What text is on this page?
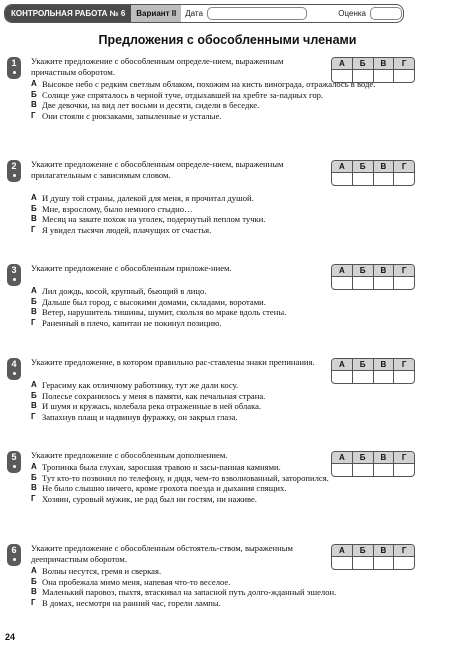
КОНТРОЛЬНАЯ РАБОТА № 6	Вариант II	Дата	Оценка
Предложения с обособленными членами
1	Укажите предложение с обособленным определе-нием, выраженным причастным оборотом.
А	Б	В	Г
А Высокое небо с редким светлым облаком, похожим на кисть винограда, отражалось в воде.
Б Солнце уже спряталось в черной туче, отдыхавшей на хребте за-падных гор.
В Две девочки, на вид лет восьми и десяти, сидели в беседке.
Г Они стояли с рюкзаками, запыленные и усталые.
2	Укажите предложение с обособленным определе-нием, выраженным прилагательным с зависимым словом.
А	Б	В	Г
А И душу той страны, далекой для меня, я прочитал душой.
Б Мне, взрослому, было немного стыдно…
В Месяц на закате похож на уголек, подернутый пеплом тучки.
Г Я увидел тысячи людей, плачущих от счастья.
3	Укажите предложение с обособленным приложе-нием.	А	Б	В	Г
А Лил дождь, косой, крупный, бьющий в лицо.
Б Дальше был город, с высокими домами, складами, воротами.
В Ветер, нарушитель тишины, шумит, скользя во мраке вдоль стены.
Г Раненный в плечо, капитан не покинул позицию.
4	Укажите предложение, в котором правильно рас-ставлены знаки препинания.	А	Б	В	Г
А Герасиму как отличному работнику, тут же дали косу.
Б Полесье сохранилось у меня в памяти, как печальная страна.
В И шумя и кружась, колебала река отраженные в ней облака.
Г Запахнув плащ и надвинув фуражку, он закрыл глаза.
5	Укажите предложение с обособленным дополнением.	А	Б	В	Г
А Тропинка была глухая, заросшая травою и засы-панная камнями.
Б Тут кто-то позвонил по телефону, и дядя, чем-то взволнованный, заторопился.
В Не было слышно ничего, кроме грохота поезда и дыхания спящих.
Г Хозяин, суровый мужик, не рад был ни гостям, ни наживе.
6	Укажите предложение с обособленным обстоятель-ством, выраженным деепричастным оборотом.
А	Б	В	Г
А Волны несутся, гремя и сверкая.
Б Она пробежала мимо меня, напевая что-то веселое.
В Маленький паровоз, пыхтя, втаскивал на запасной путь долго-жданный эшелон.
Г В домах, несмотря на ранний час, горели лампы.
24
